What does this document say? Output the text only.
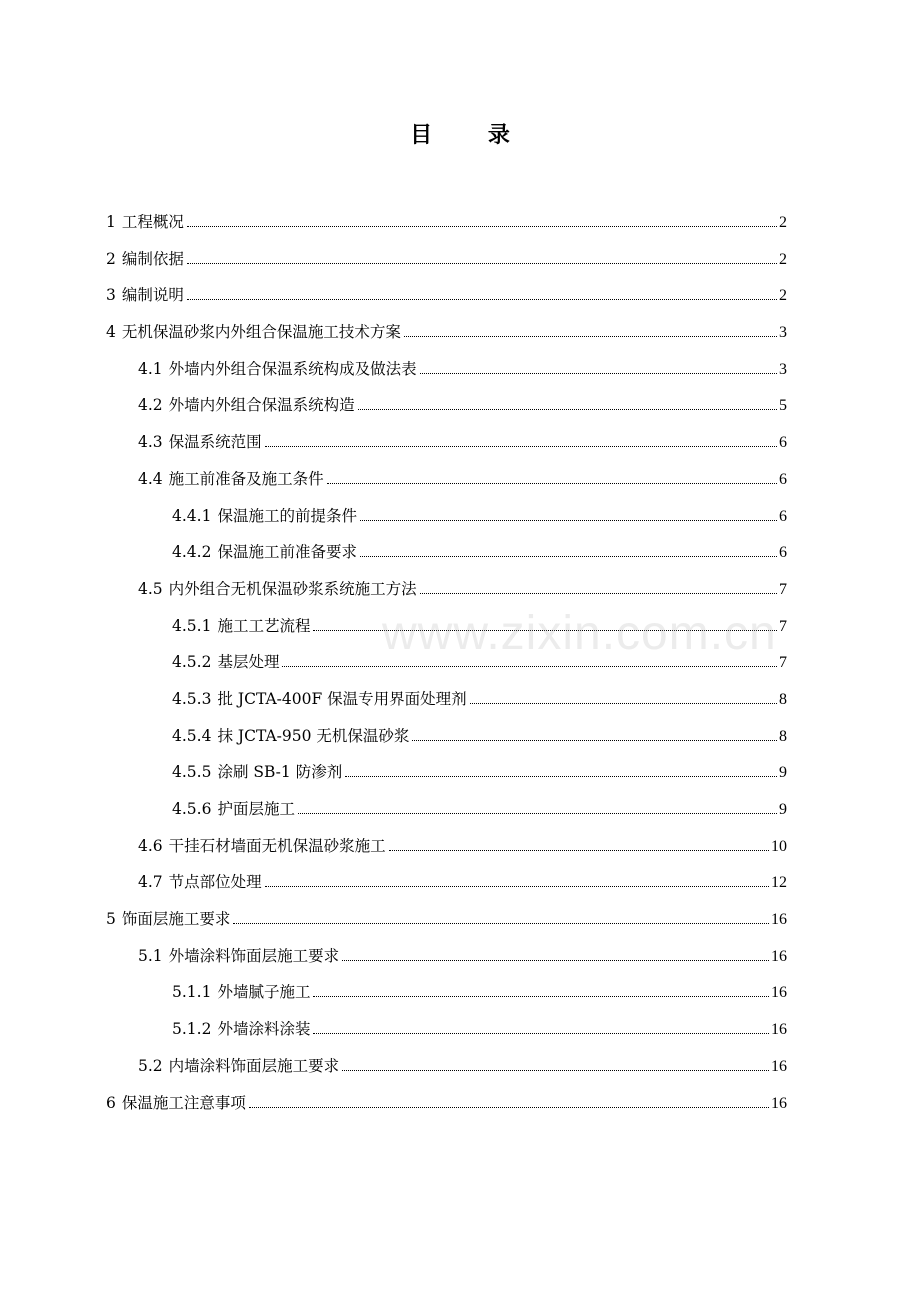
目 录
1 工程概况	2
2 编制依据	2
3 编制说明	2
4 无机保温砂浆内外组合保温施工技术方案	3
4.1 外墙内外组合保温系统构成及做法表	3
4.2 外墙内外组合保温系统构造	5
4.3 保温系统范围	6
4.4 施工前准备及施工条件	6
4.4.1 保温施工的前提条件	6
4.4.2 保温施工前准备要求	6
4.5 内外组合无机保温砂浆系统施工方法	7
4.5.1 施工工艺流程	7
4.5.2 基层处理	7
4.5.3 批 JCTA-400F 保温专用界面处理剂	8
4.5.4 抹 JCTA-950 无机保温砂浆	8
4.5.5 涂刷 SB-1 防渗剂	9
4.5.6 护面层施工	9
4.6 干挂石材墙面无机保温砂浆施工	10
4.7 节点部位处理	12
5 饰面层施工要求	16
5.1 外墙涂料饰面层施工要求	16
5.1.1 外墙腻子施工	16
5.1.2 外墙涂料涂装	16
5.2 内墙涂料饰面层施工要求	16
6 保温施工注意事项	16
www.zixin.com.cn
